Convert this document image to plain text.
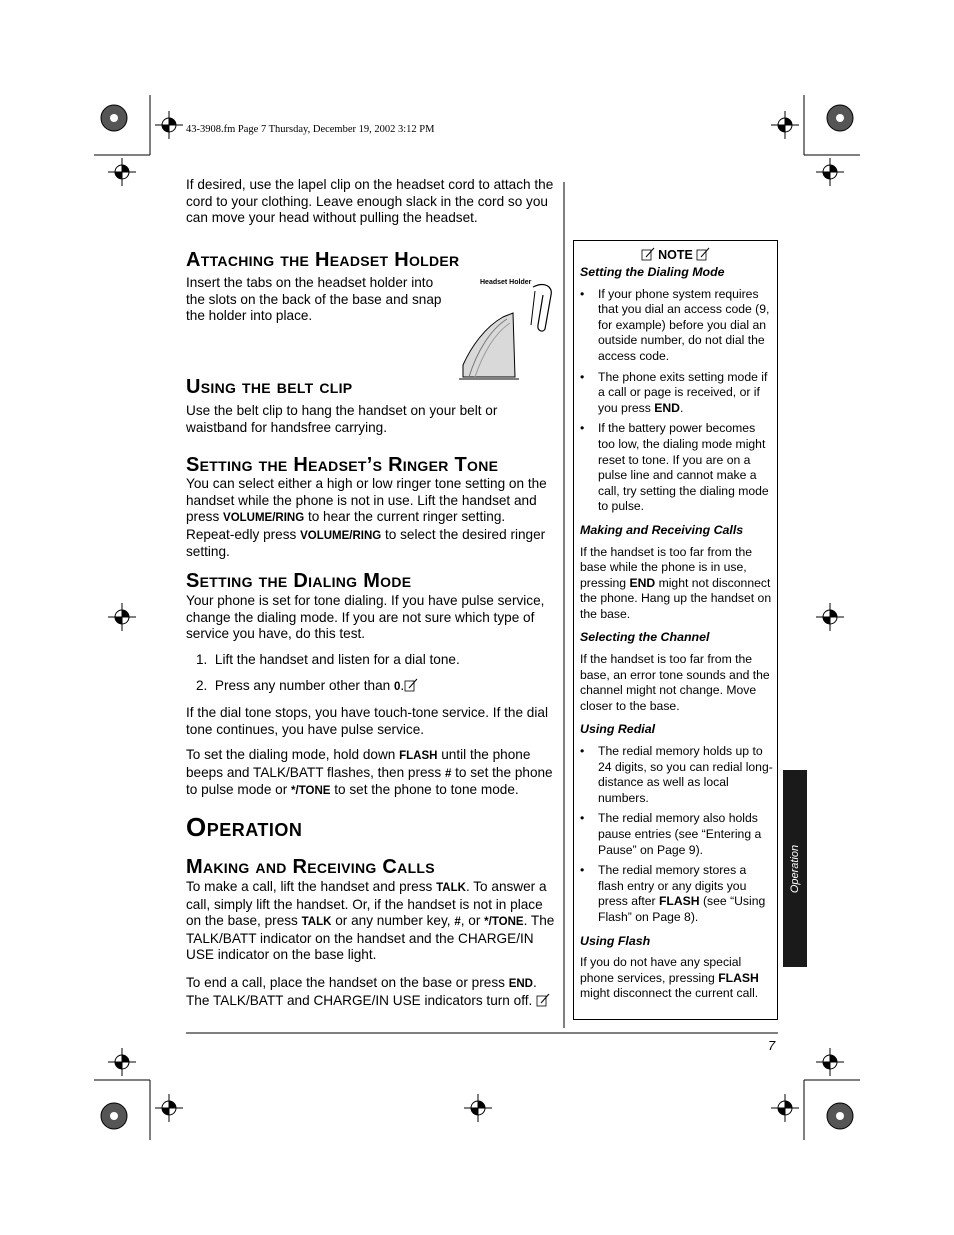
43-3908.fm Page 7 Thursday, December 19, 2002 3:12 PM
If desired, use the lapel clip on the headset cord to attach the cord to your clothing. Leave enough slack in the cord so you can move your head without pulling the headset.
Attaching the Headset Holder
Insert the tabs on the headset holder into the slots on the back of the base and snap the holder into place.
Headset Holder
Using the belt clip
Use the belt clip to hang the handset on your belt or waistband for handsfree carrying.
Setting the Headset’s Ringer Tone
You can select either a high or low ringer tone setting on the handset while the phone is not in use. Lift the handset and press VOLUME/RING to hear the current ringer setting. Repeat-edly press VOLUME/RING to select the desired ringer setting.
Setting the Dialing Mode
Your phone is set for tone dialing. If you have pulse service, change the dialing mode. If you are not sure which type of service you have, do this test.
1.  Lift the handset and listen for a dial tone.
2.  Press any number other than 0.
If the dial tone stops, you have touch-tone service. If the dial tone continues, you have pulse service.
To set the dialing mode, hold down FLASH until the phone beeps and TALK/BATT flashes, then press # to set the phone to pulse mode or */TONE to set the phone to tone mode.
Operation
Making and Receiving Calls
To make a call, lift the handset and press TALK. To answer a call, simply lift the handset. Or, if the handset is not in place on the base, press TALK or any number key, #, or */TONE. The TALK/BATT indicator on the handset and the CHARGE/IN USE indicator on the base light.
To end a call, place the handset on the base or press END. The TALK/BATT and CHARGE/IN USE indicators turn off.
NOTE
Setting the Dialing Mode
• If your phone system requires that you dial an access code (9, for example) before you dial an outside number, do not dial the access code.
• The phone exits setting mode if a call or page is received, or if you press END.
• If the battery power becomes too low, the dialing mode might reset to tone. If you are on a pulse line and cannot make a call, try setting the dialing mode to pulse.
Making and Receiving Calls
If the handset is too far from the base while the phone is in use, pressing END might not disconnect the phone. Hang up the handset on the base.
Selecting the Channel
If the handset is too far from the base, an error tone sounds and the channel might not change. Move closer to the base.
Using Redial
• The redial memory holds up to 24 digits, so you can redial long-distance as well as local numbers.
• The redial memory also holds pause entries (see “Entering a Pause” on Page 9).
• The redial memory stores a flash entry or any digits you press after FLASH (see “Using Flash” on Page 8).
Using Flash
If you do not have any special phone services, pressing FLASH might disconnect the current call.
Operation
7
